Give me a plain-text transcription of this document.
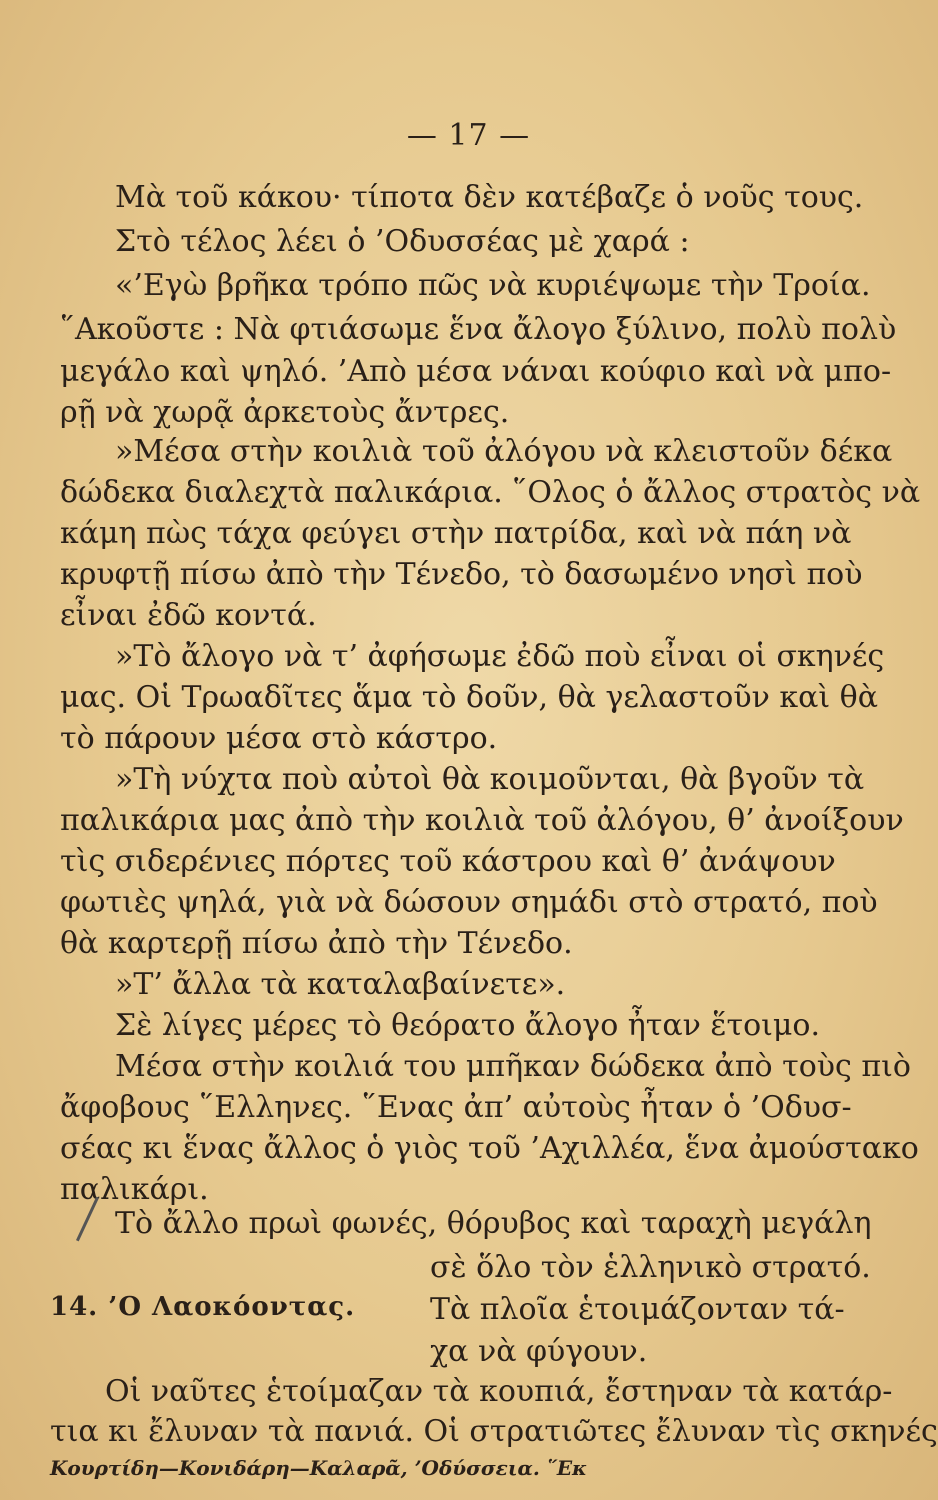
— 17 —
Μὰ τοῦ κάκου· τίποτα δὲν κατέβαζε ὁ νοῦς τους.
Στὸ τέλος λέει ὁ ’Οδυσσέας μὲ χαρά :
«’Εγὼ βρῆκα τρόπο πῶς νὰ κυριέψωμε τὴν Τροία.
῞Ακοῦστε : Νὰ φτιάσωμε ἕνα ἄλογο ξύλινο, πολὺ πολὺ
μεγάλο καὶ ψηλό. ’Απὸ μέσα νάναι κούφιο καὶ νὰ μπο-
ρῇ νὰ χωρᾷ ἀρκετοὺς ἄντρες.
»Μέσα στὴν κοιλιὰ τοῦ ἀλόγου νὰ κλειστοῦν δέκα
δώδεκα διαλεχτὰ παλικάρια. ῞Ολος ὁ ἄλλος στρατὸς νὰ
κάμη πὼς τάχα φεύγει στὴν πατρίδα, καὶ νὰ πάη νὰ
κρυφτῇ πίσω ἀπὸ τὴν Τένεδο, τὸ δασωμένο νησὶ ποὺ
εἶναι ἐδῶ κοντά.
»Τὸ ἄλογο νὰ τ’ ἀφήσωμε ἐδῶ ποὺ εἶναι οἱ σκηνές
μας. Οἱ Τρωαδῖτες ἅμα τὸ δοῦν, θὰ γελαστοῦν καὶ θὰ
τὸ πάρουν μέσα στὸ κάστρο.
»Τὴ νύχτα ποὺ αὐτοὶ θὰ κοιμοῦνται, θὰ βγοῦν τὰ
παλικάρια μας ἀπὸ τὴν κοιλιὰ τοῦ ἀλόγου, θ’ ἀνοίξουν
τὶς σιδερένιες πόρτες τοῦ κάστρου καὶ θ’ ἀνάψουν
φωτιὲς ψηλά, γιὰ νὰ δώσουν σημάδι στὸ στρατό, ποὺ
θὰ καρτερῇ πίσω ἀπὸ τὴν Τένεδο.
»Τ’ ἄλλα τὰ καταλαβαίνετε».
Σὲ λίγες μέρες τὸ θεόρατο ἄλογο ἦταν ἕτοιμο.
Μέσα στὴν κοιλιά του μπῆκαν δώδεκα ἀπὸ τοὺς πιὸ
ἄφοβους ῞Ελληνες. ῞Ενας ἀπ’ αὐτοὺς ἦταν ὁ ’Οδυσ-
σέας κι ἕνας ἄλλος ὁ γιὸς τοῦ ’Αχιλλέα, ἕνα ἀμούστακο
παλικάρι.
Τὸ ἄλλο πρωὶ φωνές, θόρυβος καὶ ταραχὴ μεγάλη
σὲ ὅλο τὸν ἑλληνικὸ στρατό.
Τὰ πλοῖα ἑτοιμάζονταν τά-
χα νὰ φύγουν.
14. ’Ο Λαοκόοντας.
Οἱ ναῦτες ἑτοίμαζαν τὰ κουπιά, ἔστηναν τὰ κατάρ-
τια κι ἔλυναν τὰ πανιά. Οἱ στρατιῶτες ἔλυναν τὶς σκηνές
Κουρτίδη—Κονιδάρη—Καλαρᾶ, ’Οδύσσεια. ῞Εκ
